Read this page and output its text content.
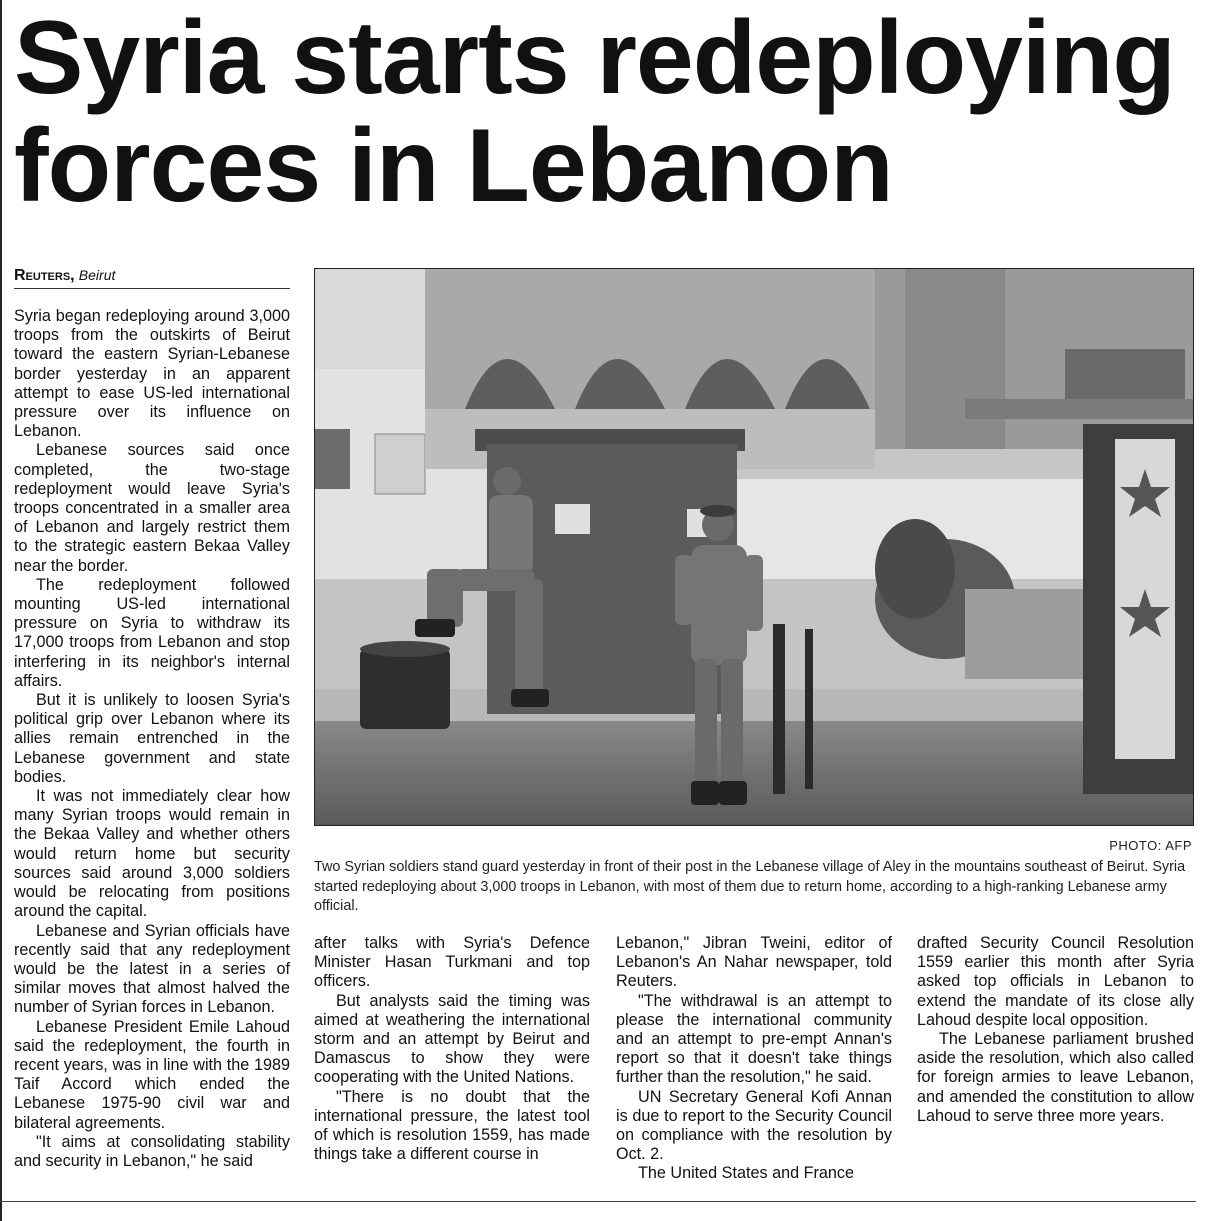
Syria starts redeploying
forces in Lebanon
Reuters, Beirut

Syria began redeploying around 3,000 troops from the outskirts of Beirut toward the eastern Syrian-Lebanese border yesterday in an apparent attempt to ease US-led international pressure over its influence on Lebanon.

Lebanese sources said once completed, the two-stage redeployment would leave Syria's troops concentrated in a smaller area of Lebanon and largely restrict them to the strategic eastern Bekaa Valley near the border.

The redeployment followed mounting US-led international pressure on Syria to withdraw its 17,000 troops from Lebanon and stop interfering in its neighbor's internal affairs.

But it is unlikely to loosen Syria's political grip over Lebanon where its allies remain entrenched in the Lebanese government and state bodies.

It was not immediately clear how many Syrian troops would remain in the Bekaa Valley and whether others would return home but security sources said around 3,000 soldiers would be relocating from positions around the capital.

Lebanese and Syrian officials have recently said that any redeployment would be the latest in a series of similar moves that almost halved the number of Syrian forces in Lebanon.

Lebanese President Emile Lahoud said the redeployment, the fourth in recent years, was in line with the 1989 Taif Accord which ended the Lebanese 1975-90 civil war and bilateral agreements.

"It aims at consolidating stability and security in Lebanon," he said

PHOTO: AFP
Two Syrian soldiers stand guard yesterday in front of their post in the Lebanese village of Aley in the mountains southeast of Beirut. Syria started redeploying about 3,000 troops in Lebanon, with most of them due to return home, according to a high-ranking Lebanese army official.

after talks with Syria's Defence Minister Hasan Turkmani and top officers.

But analysts said the timing was aimed at weathering the international storm and an attempt by Beirut and Damascus to show they were cooperating with the United Nations.

"There is no doubt that the international pressure, the latest tool of which is resolution 1559, has made things take a different course in

Lebanon," Jibran Tweini, editor of Lebanon's An Nahar newspaper, told Reuters.

"The withdrawal is an attempt to please the international community and an attempt to pre-empt Annan's report so that it doesn't take things further than the resolution," he said.

UN Secretary General Kofi Annan is due to report to the Security Council on compliance with the resolution by Oct. 2.

The United States and France

drafted Security Council Resolution 1559 earlier this month after Syria asked top officials in Lebanon to extend the mandate of its close ally Lahoud despite local opposition.

The Lebanese parliament brushed aside the resolution, which also called for foreign armies to leave Lebanon, and amended the constitution to allow Lahoud to serve three more years.
